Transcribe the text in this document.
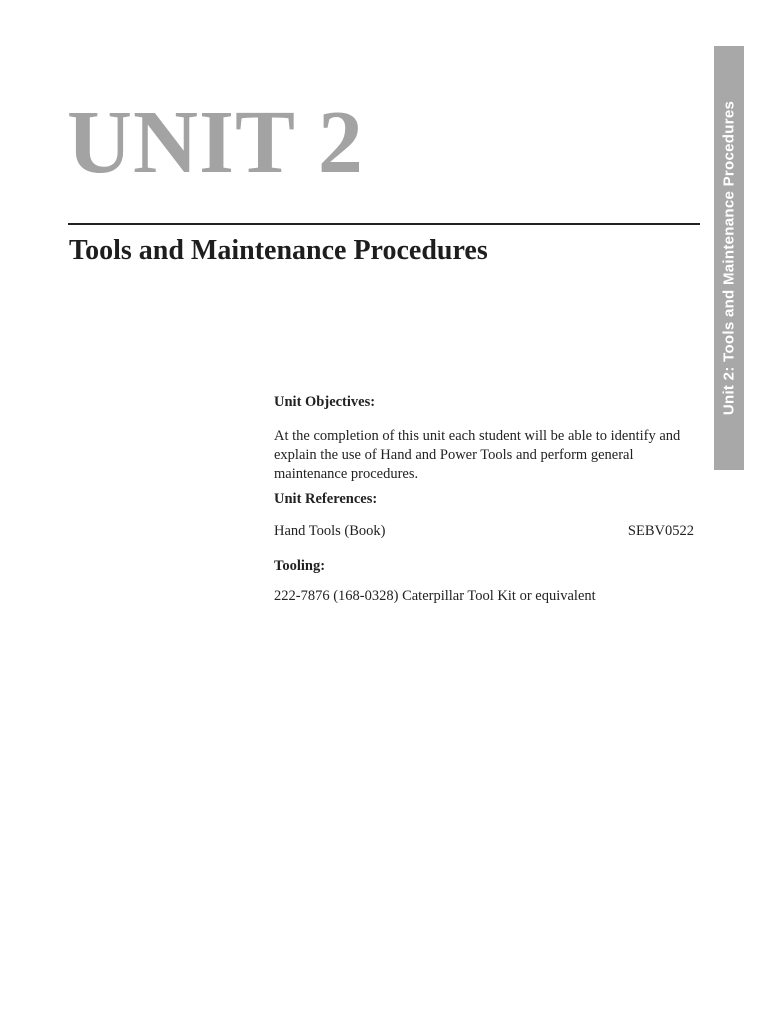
UNIT 2
Tools and Maintenance Procedures	Unit 2: Tools and Maintenance Procedures

Unit Objectives:

At the completion of this unit each student will be able to identify and explain the use of Hand and Power Tools and perform general maintenance procedures.

Unit References:

Hand Tools (Book)	SEBV0522

Tooling:

222-7876 (168-0328) Caterpillar Tool Kit or equivalent
